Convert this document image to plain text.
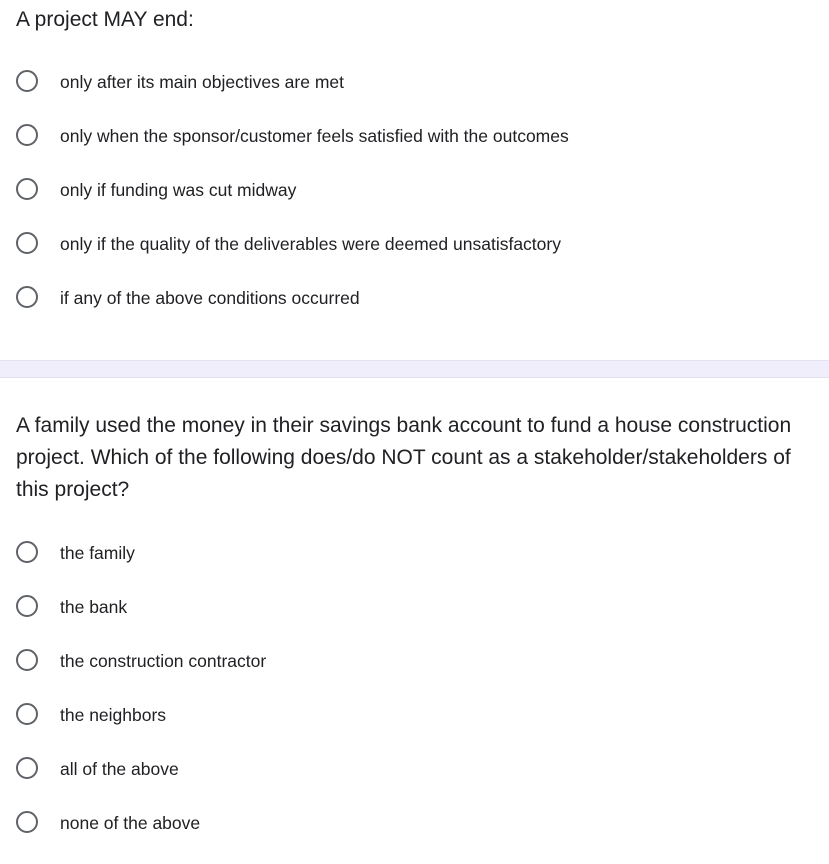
A project MAY end:
only after its main objectives are met
only when the sponsor/customer feels satisfied with the outcomes
only if funding was cut midway
only if the quality of the deliverables were deemed unsatisfactory
if any of the above conditions occurred
A family used the money in their savings bank account to fund a house construction project. Which of the following does/do NOT count as a stakeholder/stakeholders of this project?
the family
the bank
the construction contractor
the neighbors
all of the above
none of the above
